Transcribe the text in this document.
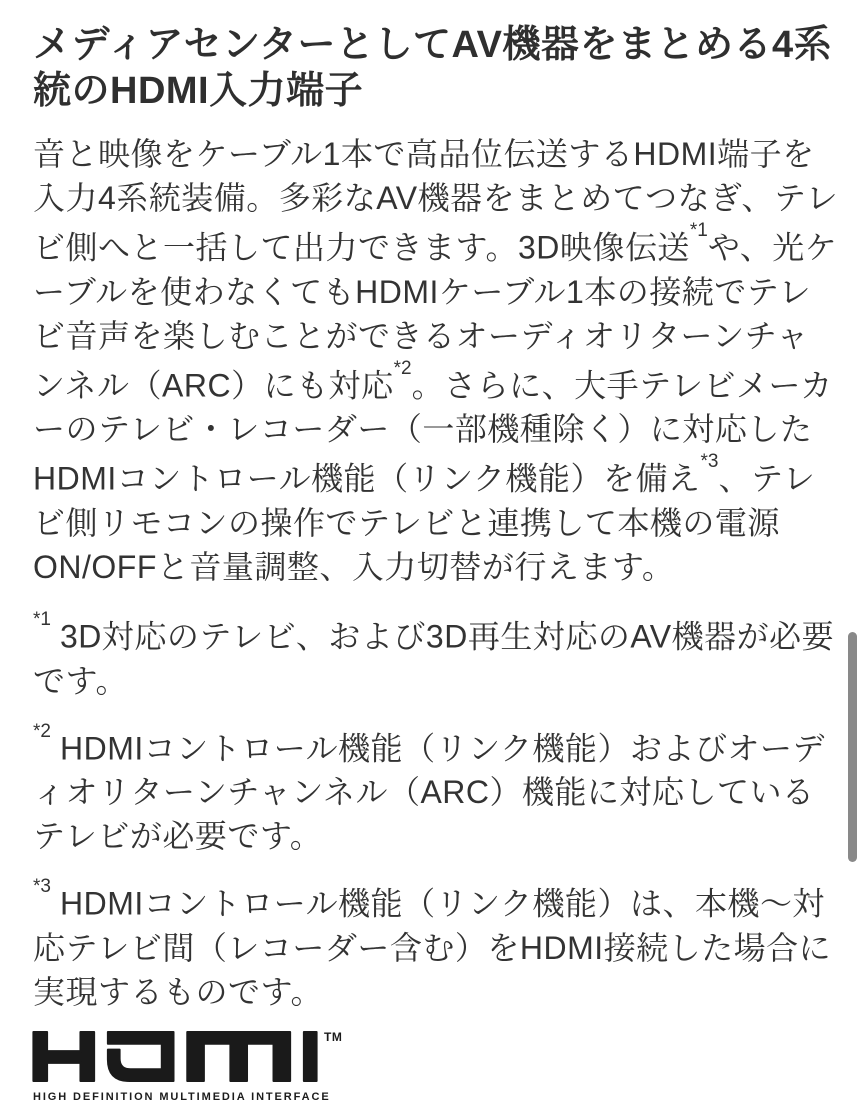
メディアセンターとしてAV機器をまとめる4系統のHDMI入力端子

音と映像をケーブル1本で高品位伝送するHDMI端子を入力4系統装備。多彩なAV機器をまとめてつなぎ、テレビ側へと一括して出力できます。3D映像伝送$^{*1}$や、光ケーブルを使わなくてもHDMIケーブル1本の接続でテレビ音声を楽しむことができるオーディオリターンチャンネル（ARC）にも対応$^{*2}$。さらに、大手テレビメーカーのテレビ・レコーダー（一部機種除く）に対応したHDMIコントロール機能（リンク機能）を備え$^{*3}$、テレビ側リモコンの操作でテレビと連携して本機の電源ON/OFFと音量調整、入力切替が行えます。

$^{*1}$ 3D対応のテレビ、および3D再生対応のAV機器が必要です。

$^{*2}$ HDMIコントロール機能（リンク機能）およびオーディオリターンチャンネル（ARC）機能に対応しているテレビが必要です。

$^{*3}$ HDMIコントロール機能（リンク機能）は、本機～対応テレビ間（レコーダー含む）をHDMI接続した場合に実現するものです。

TM
HIGH DEFINITION MULTIMEDIA INTERFACE
